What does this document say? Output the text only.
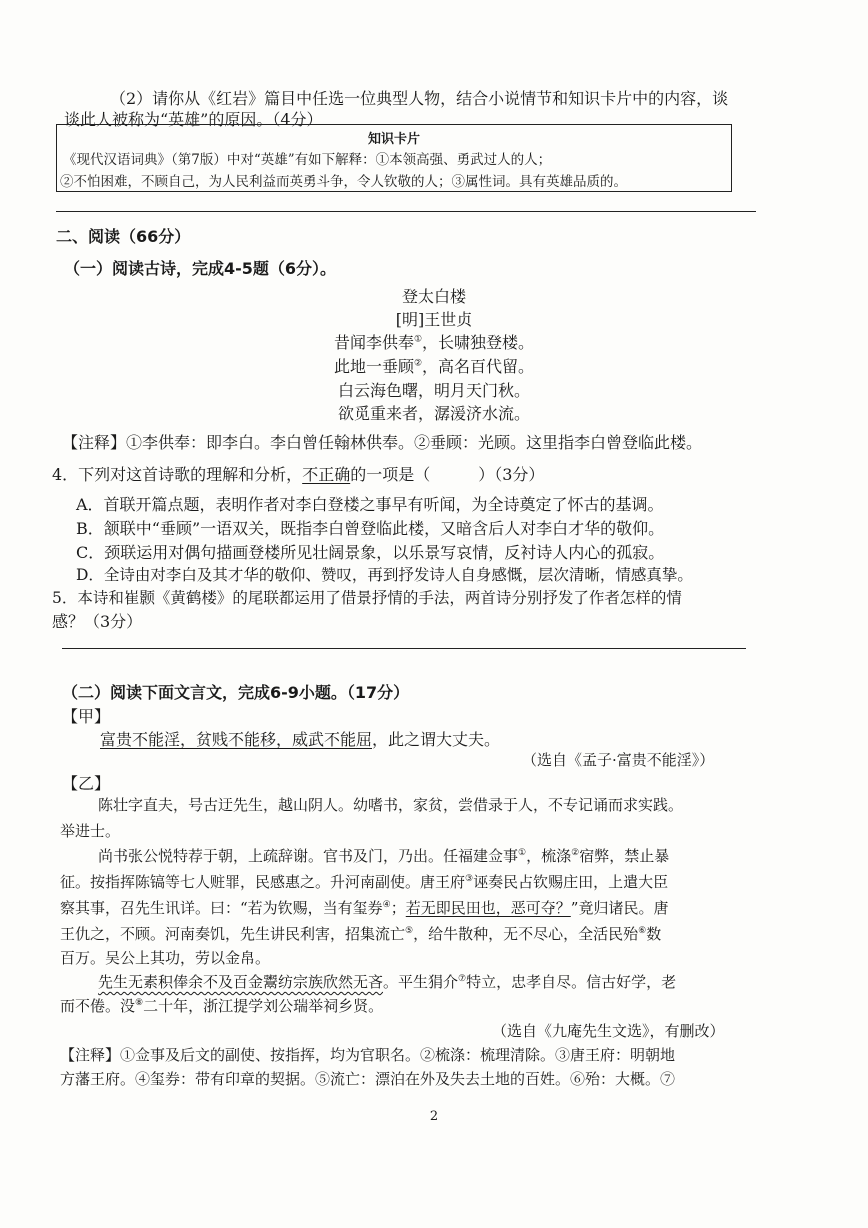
（2）请你从《红岩》篇目中任选一位典型人物，结合小说情节和知识卡片中的内容，谈
谈此人被称为“英雄”的原因。（4分）
知识卡片
《现代汉语词典》（第7版）中对“英雄”有如下解释：①本领高强、勇武过人的人；
②不怕困难，不顾自己，为人民利益而英勇斗争，令人钦敬的人；③属性词。具有英雄品质的。
二、阅读（66分）
（一）阅读古诗，完成4-5题（6分）。
登太白楼
[明]王世贞
昔闻李供奉①，长啸独登楼。
此地一垂顾②，高名百代留。
白云海色曙，明月天门秋。
欲觅重来者，潺湲济水流。
【注释】①李供奉：即李白。李白曾任翰林供奉。②垂顾：光顾。这里指李白曾登临此楼。
4．下列对这首诗歌的理解和分析，不正确的一项是（	）（3分）
A．首联开篇点题，表明作者对李白登楼之事早有听闻，为全诗奠定了怀古的基调。
B．颔联中“垂顾”一语双关，既指李白曾登临此楼，又暗含后人对李白才华的敬仰。
C．颈联运用对偶句描画登楼所见壮阔景象，以乐景写哀情，反衬诗人内心的孤寂。
D．全诗由对李白及其才华的敬仰、赞叹，再到抒发诗人自身感慨，层次清晰，情感真挚。
5．本诗和崔颢《黄鹤楼》的尾联都运用了借景抒情的手法，两首诗分别抒发了作者怎样的情
感？（3分）
（二）阅读下面文言文，完成6-9小题。（17分）
【甲】
富贵不能淫，贫贱不能移，威武不能屈，此之谓大丈夫。
（选自《孟子·富贵不能淫》）
【乙】
陈壮字直夫，号古迂先生，越山阴人。幼嗜书，家贫，尝借录于人，不专记诵而求实践。
举进士。
尚书张公悦特荐于朝，上疏辞谢。官书及门，乃出。任福建佥事①，梳涤②宿弊，禁止暴
征。按指挥陈镐等七人赃罪，民感惠之。升河南副使。唐王府③诬奏民占钦赐庄田，上遣大臣
察其事，召先生讯详。曰：“若为钦赐，当有玺券④；若无即民田也，恶可夺？”竟归诸民。唐
王仇之，不顾。河南奏饥，先生讲民利害，招集流亡⑤，给牛散种，无不尽心，全活民殆⑥数
百万。吴公上其功，劳以金帛。
先生无素积俸余不及百金鬻纺宗族欣然无吝。平生狷介⑦特立，忠孝自尽。信古好学，老
而不倦。没⑧二十年，浙江提学刘公瑞举祠乡贤。
（选自《九庵先生文选》，有删改）
【注释】①佥事及后文的副使、按指挥，均为官职名。②梳涤：梳理清除。③唐王府：明朝地
方藩王府。④玺券：带有印章的契据。⑤流亡：漂泊在外及失去土地的百姓。⑥殆：大概。⑦
2
